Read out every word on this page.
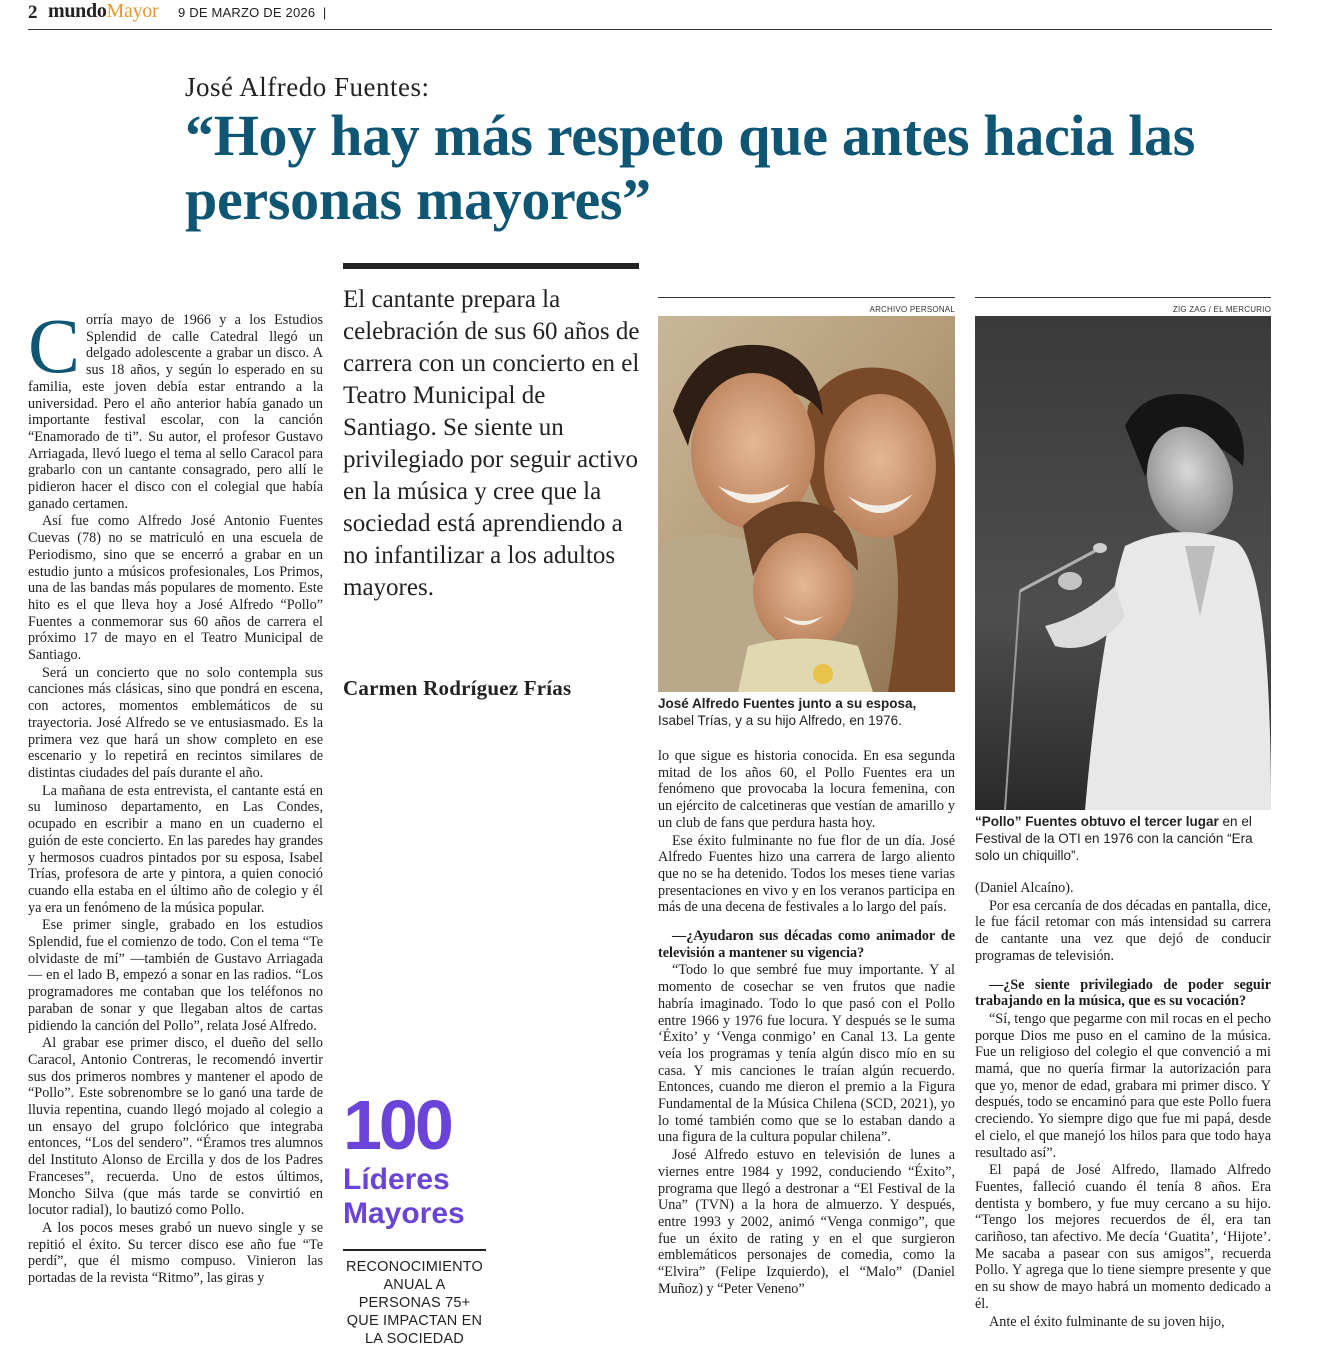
2 mundoMayor 9 DE MARZO DE 2026 |
José Alfredo Fuentes:
“Hoy hay más respeto que antes hacia las personas mayores”
C orría mayo de 1966 y a los Estudios Splendid de calle Catedral llegó un delgado adolescente a grabar un disco. A sus 18 años, y según lo esperado en su familia, este joven debía estar entrando a la universidad. Pero el año anterior había ganado un importante festival escolar, con la canción “Enamorado de ti”. Su autor, el profesor Gustavo Arriagada, llevó luego el tema al sello Caracol para grabarlo con un cantante consagrado, pero allí le pidieron hacer el disco con el colegial que había ganado certamen.

Así fue como Alfredo José Antonio Fuentes Cuevas (78) no se matriculó en una escuela de Periodismo, sino que se encerró a grabar en un estudio junto a músicos profesionales, Los Primos, una de las bandas más populares de momento. Este hito es el que lleva hoy a José Alfredo “Pollo” Fuentes a conmemorar sus 60 años de carrera el próximo 17 de mayo en el Teatro Municipal de Santiago.

Será un concierto que no solo contempla sus canciones más clásicas, sino que pondrá en escena, con actores, momentos emblemáticos de su trayectoria. José Alfredo se ve entusiasmado. Es la primera vez que hará un show completo en ese escenario y lo repetirá en recintos similares de distintas ciudades del país durante el año.

La mañana de esta entrevista, el cantante está en su luminoso departamento, en Las Condes, ocupado en escribir a mano en un cuaderno el guión de este concierto. En las paredes hay grandes y hermosos cuadros pintados por su esposa, Isabel Trías, profesora de arte y pintora, a quien conoció cuando ella estaba en el último año de colegio y él ya era un fenómeno de la música popular.

Ese primer single, grabado en los estudios Splendid, fue el comienzo de todo. Con el tema “Te olvidaste de mí” —también de Gustavo Arriagada— en el lado B, empezó a sonar en las radios. “Los programadores me contaban que los teléfonos no paraban de sonar y que llegaban altos de cartas pidiendo la canción del Pollo”, relata José Alfredo.

Al grabar ese primer disco, el dueño del sello Caracol, Antonio Contreras, le recomendó invertir sus dos primeros nombres y mantener el apodo de “Pollo”. Este sobrenombre se lo ganó una tarde de lluvia repentina, cuando llegó mojado al colegio a un ensayo del grupo folclórico que integraba entonces, “Los del sendero”. “Éramos tres alumnos del Instituto Alonso de Ercilla y dos de los Padres Franceses”, recuerda. Uno de estos últimos, Moncho Silva (que más tarde se convirtió en locutor radial), lo bautizó como Pollo.

A los pocos meses grabó un nuevo single y se repitió el éxito. Su tercer disco ese año fue “Te perdí”, que él mismo compuso. Vinieron las portadas de la revista “Ritmo”, las giras y

El cantante prepara la celebración de sus 60 años de carrera con un concierto en el Teatro Municipal de Santiago. Se siente un privilegiado por seguir activo en la música y cree que la sociedad está aprendiendo a no infantilizar a los adultos mayores.
Carmen Rodríguez Frías
100
Líderes
Mayores
RECONOCIMIENTO ANUAL A PERSONAS 75+ QUE IMPACTAN EN LA SOCIEDAD
ARCHIVO PERSONAL
José Alfredo Fuentes junto a su esposa, Isabel Trías, y a su hijo Alfredo, en 1976.
ZIG ZAG / EL MERCURIO
“Pollo” Fuentes obtuvo el tercer lugar en el Festival de la OTI en 1976 con la canción “Era solo un chiquillo”.

lo que sigue es historia conocida. En esa segunda mitad de los años 60, el Pollo Fuentes era un fenómeno que provocaba la locura femenina, con un ejército de calcetineras que vestían de amarillo y un club de fans que perdura hasta hoy.

Ese éxito fulminante no fue flor de un día. José Alfredo Fuentes hizo una carrera de largo aliento que no se ha detenido. Todos los meses tiene varias presentaciones en vivo y en los veranos participa en más de una decena de festivales a lo largo del país.

—¿Ayudaron sus décadas como animador de televisión a mantener su vigencia?

“Todo lo que sembré fue muy importante. Y al momento de cosechar se ven frutos que nadie habría imaginado. Todo lo que pasó con el Pollo entre 1966 y 1976 fue locura. Y después se le suma ‘Éxito’ y ‘Venga conmigo’ en Canal 13. La gente veía los programas y tenía algún disco mío en su casa. Y mis canciones le traían algún recuerdo. Entonces, cuando me dieron el premio a la Figura Fundamental de la Música Chilena (SCD, 2021), yo lo tomé también como que se lo estaban dando a una figura de la cultura popular chilena”.

José Alfredo estuvo en televisión de lunes a viernes entre 1984 y 1992, conduciendo “Éxito”, programa que llegó a destronar a “El Festival de la Una” (TVN) a la hora de almuerzo. Y después, entre 1993 y 2002, animó “Venga conmigo”, que fue un éxito de rating y en el que surgieron emblemáticos personajes de comedia, como la “Elvira” (Felipe Izquierdo), el “Malo” (Daniel Muñoz) y “Peter Veneno”

(Daniel Alcaíno).

Por esa cercanía de dos décadas en pantalla, dice, le fue fácil retomar con más intensidad su carrera de cantante una vez que dejó de conducir programas de televisión.

—¿Se siente privilegiado de poder seguir trabajando en la música, que es su vocación?

“Sí, tengo que pegarme con mil rocas en el pecho porque Dios me puso en el camino de la música. Fue un religioso del colegio el que convenció a mi mamá, que no quería firmar la autorización para que yo, menor de edad, grabara mi primer disco. Y después, todo se encaminó para que este Pollo fuera creciendo. Yo siempre digo que fue mi papá, desde el cielo, el que manejó los hilos para que todo haya resultado así”.

El papá de José Alfredo, llamado Alfredo Fuentes, falleció cuando él tenía 8 años. Era dentista y bombero, y fue muy cercano a su hijo. “Tengo los mejores recuerdos de él, era tan cariñoso, tan afectivo. Me decía ‘Guatita’, ‘Hijote’. Me sacaba a pasear con sus amigos”, recuerda Pollo. Y agrega que lo tiene siempre presente y que en su show de mayo habrá un momento dedicado a él.

Ante el éxito fulminante de su joven hijo,
